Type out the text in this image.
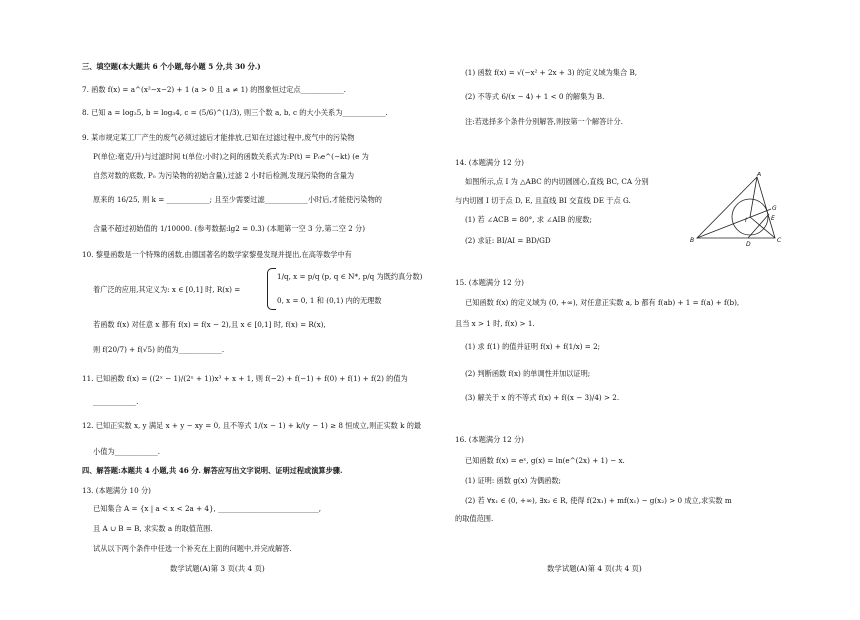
三、填空题(本大题共 6 个小题,每小题 5 分,共 30 分.)
7. 函数 f(x) = a^(x²−x−2) + 1 (a > 0 且 a ≠ 1) 的图象恒过定点____________.
8. 已知 a = log₂5, b = log₃4, c = (5/6)^(1/3), 则三个数 a, b, c 的大小关系为____________.
9. 某市规定某工厂产生的废气必须过滤后才能排放,已知在过滤过程中,废气中的污染物
P(单位:毫克/升)与过滤时间 t(单位:小时)之间的函数关系式为:P(t) = P₀e^(−kt) (e 为
自然对数的底数, P₀ 为污染物的初始含量),过滤 2 小时后检测,发现污染物的含量为
原来的 16/25, 则 k = ____________; 且至少需要过滤____________小时后,才能使污染物的
含量不超过初始值的 1/10000. (参考数据:lg2 = 0.3) (本题第一空 3 分,第二空 2 分)
10. 黎曼函数是一个特殊的函数,由德国著名的数学家黎曼发现并提出,在高等数学中有
着广泛的应用,其定义为: x ∈ [0,1] 时, R(x) =
1/q, x = p/q (p, q ∈ N*, p/q 为既约真分数)
0, x = 0, 1 和 (0,1) 内的无理数
若函数 f(x) 对任意 x 都有 f(x) = f(x − 2),且 x ∈ [0,1] 时, f(x) = R(x),
则 f(20/7) + f(√5) 的值为____________.
11. 已知函数 f(x) = ((2ˣ − 1)/(2ˣ + 1))x³ + x + 1, 则 f(−2) + f(−1) + f(0) + f(1) + f(2) 的值为
____________.
12. 已知正实数 x, y 满足 x + y − xy = 0, 且不等式 1/(x − 1) + k/(y − 1) ≥ 8 恒成立,则正实数 k 的最
小值为____________.
四、解答题:本题共 4 小题,共 46 分. 解答应写出文字说明、证明过程或演算步骤.
13. (本题满分 10 分)
已知集合 A = {x | a < x < 2a + 4}, ____________________________,
且 A ∪ B = B, 求实数 a 的取值范围.
试从以下两个条件中任选一个补充在上面的问题中,并完成解答.
数学试题(A)第 3 页(共 4 页)
(1) 函数 f(x) = √(−x² + 2x + 3) 的定义域为集合 B,
(2) 不等式 6/(x − 4) + 1 < 0 的解集为 B.
注:若选择多个条件分别解答,则按第一个解答计分.
14. (本题满分 12 分)
如图所示,点 I 为 △ABC 的内切圆圆心,直线 BC, CA 分别
与内切圆 I 切于点 D, E, 且直线 BI 交直线 DE 于点 G.
(1) 若 ∠ACB = 80°, 求 ∠AIB 的度数;
(2) 求证: BI/AI = BD/GD
A
B	C
D
E
G
I
15. (本题满分 12 分)
已知函数 f(x) 的定义域为 (0, +∞), 对任意正实数 a, b 都有 f(ab) + 1 = f(a) + f(b),
且当 x > 1 时, f(x) > 1.
(1) 求 f(1) 的值并证明 f(x) + f(1/x) = 2;
(2) 判断函数 f(x) 的单调性并加以证明;
(3) 解关于 x 的不等式 f(x) + f((x − 3)/4) > 2.
16. (本题满分 12 分)
已知函数 f(x) = eˣ, g(x) = ln(e^(2x) + 1) − x.
(1) 证明: 函数 g(x) 为偶函数;
(2) 若 ∀x₁ ∈ (0, +∞), ∃x₂ ∈ R, 使得 f(2x₁) + mf(x₁) − g(x₂) > 0 成立,求实数 m
的取值范围.
数学试题(A)第 4 页(共 4 页)
